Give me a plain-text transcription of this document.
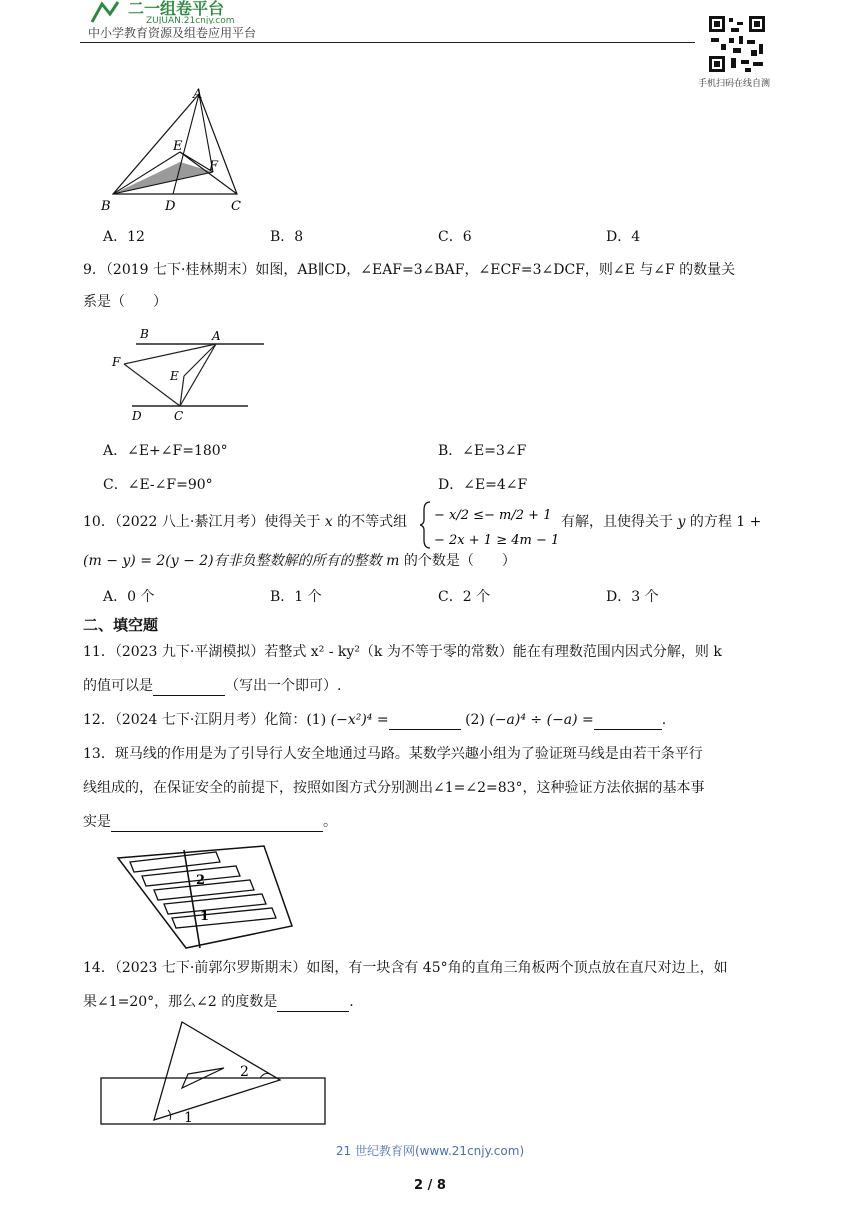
二一组卷平台
ZUJUAN.21cnjy.com
中小学教育资源及组卷应用平台
手机扫码在线自测
A
E
F
B	D	C
A．12	B．8	C．6	D．4
9．（2019 七下·桂林期末）如图，AB∥CD，∠EAF=3∠BAF，∠ECF=3∠DCF，则∠E 与∠F 的数量关
系是（　　）
B	A
F
E
D	C
A．∠E+∠F=180°	B．∠E=3∠F
C．∠E-∠F=90°	D．∠E=4∠F
10．（2022 八上·綦江月考）使得关于 x 的不等式组 − x/2 ≤− m/2 + 1
− 2x + 1 ≥ 4m − 1
有解，且使得关于 y 的方程 1 +
(m − y) = 2(y − 2)有非负整数解的所有的整数 m 的个数是（　　）
A．0 个	B．1 个	C．2 个	D．3 个
二、填空题
11．（2023 九下·平湖模拟）若整式 x² - ky²（k 为不等于零的常数）能在有理数范围内因式分解，则 k
的值可以是	（写出一个即可）.
12．（2024 七下·江阴月考）化简：(1) (−x²)⁴ =	(2) (−a)⁴ ÷ (−a) =	.
13．斑马线的作用是为了引导行人安全地通过马路。某数学兴趣小组为了验证斑马线是由若干条平行
线组成的，在保证安全的前提下，按照如图方式分别测出∠1=∠2=83°，这种验证方法依据的基本事
实是	。
2
1
14．（2023 七下·前郭尔罗斯期末）如图，有一块含有 45°角的直角三角板两个顶点放在直尺对边上，如
果∠1=20°，那么∠2 的度数是	.
2
1
21 世纪教育网(www.21cnjy.com)
2 / 8
